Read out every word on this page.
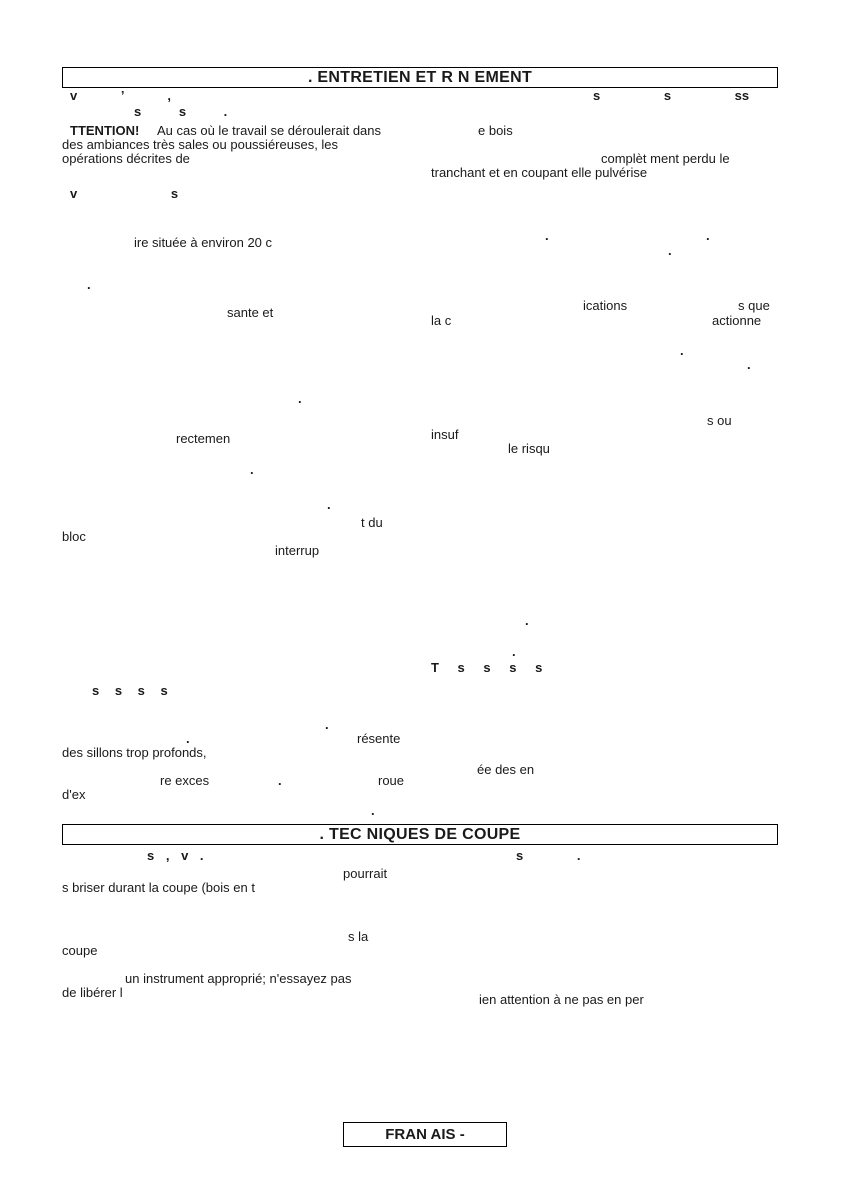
. ENTRETIEN ET R N EMENT
v ’ ,
s s .
TTENTION! Au cas où le travail se déroulerait dans
des ambiances très sales ou poussiéreuses, les
opérations décrites de
v s
ire située à environ 20 c
.
sante et
.
rectemen
.
.
t du
bloc
interrup
s s s s
.
.	résente
des sillons trop profonds,
re exces	.	roue
d'ex
.
s s ss
e bois
complèt ment perdu le
tranchant et en coupant elle pulvérise
.	.
.
ications	s que
la c	actionne
.
.
s ou
insuf
le risqu
.
.
T s s s s
ée des en
. TEC NIQUES DE COUPE
s , v .
pourrait
s briser durant la coupe (bois en t
s la
coupe
un instrument approprié; n'essayez pas
de libérer l
s .
ien attention à ne pas en per
FRAN AIS -
